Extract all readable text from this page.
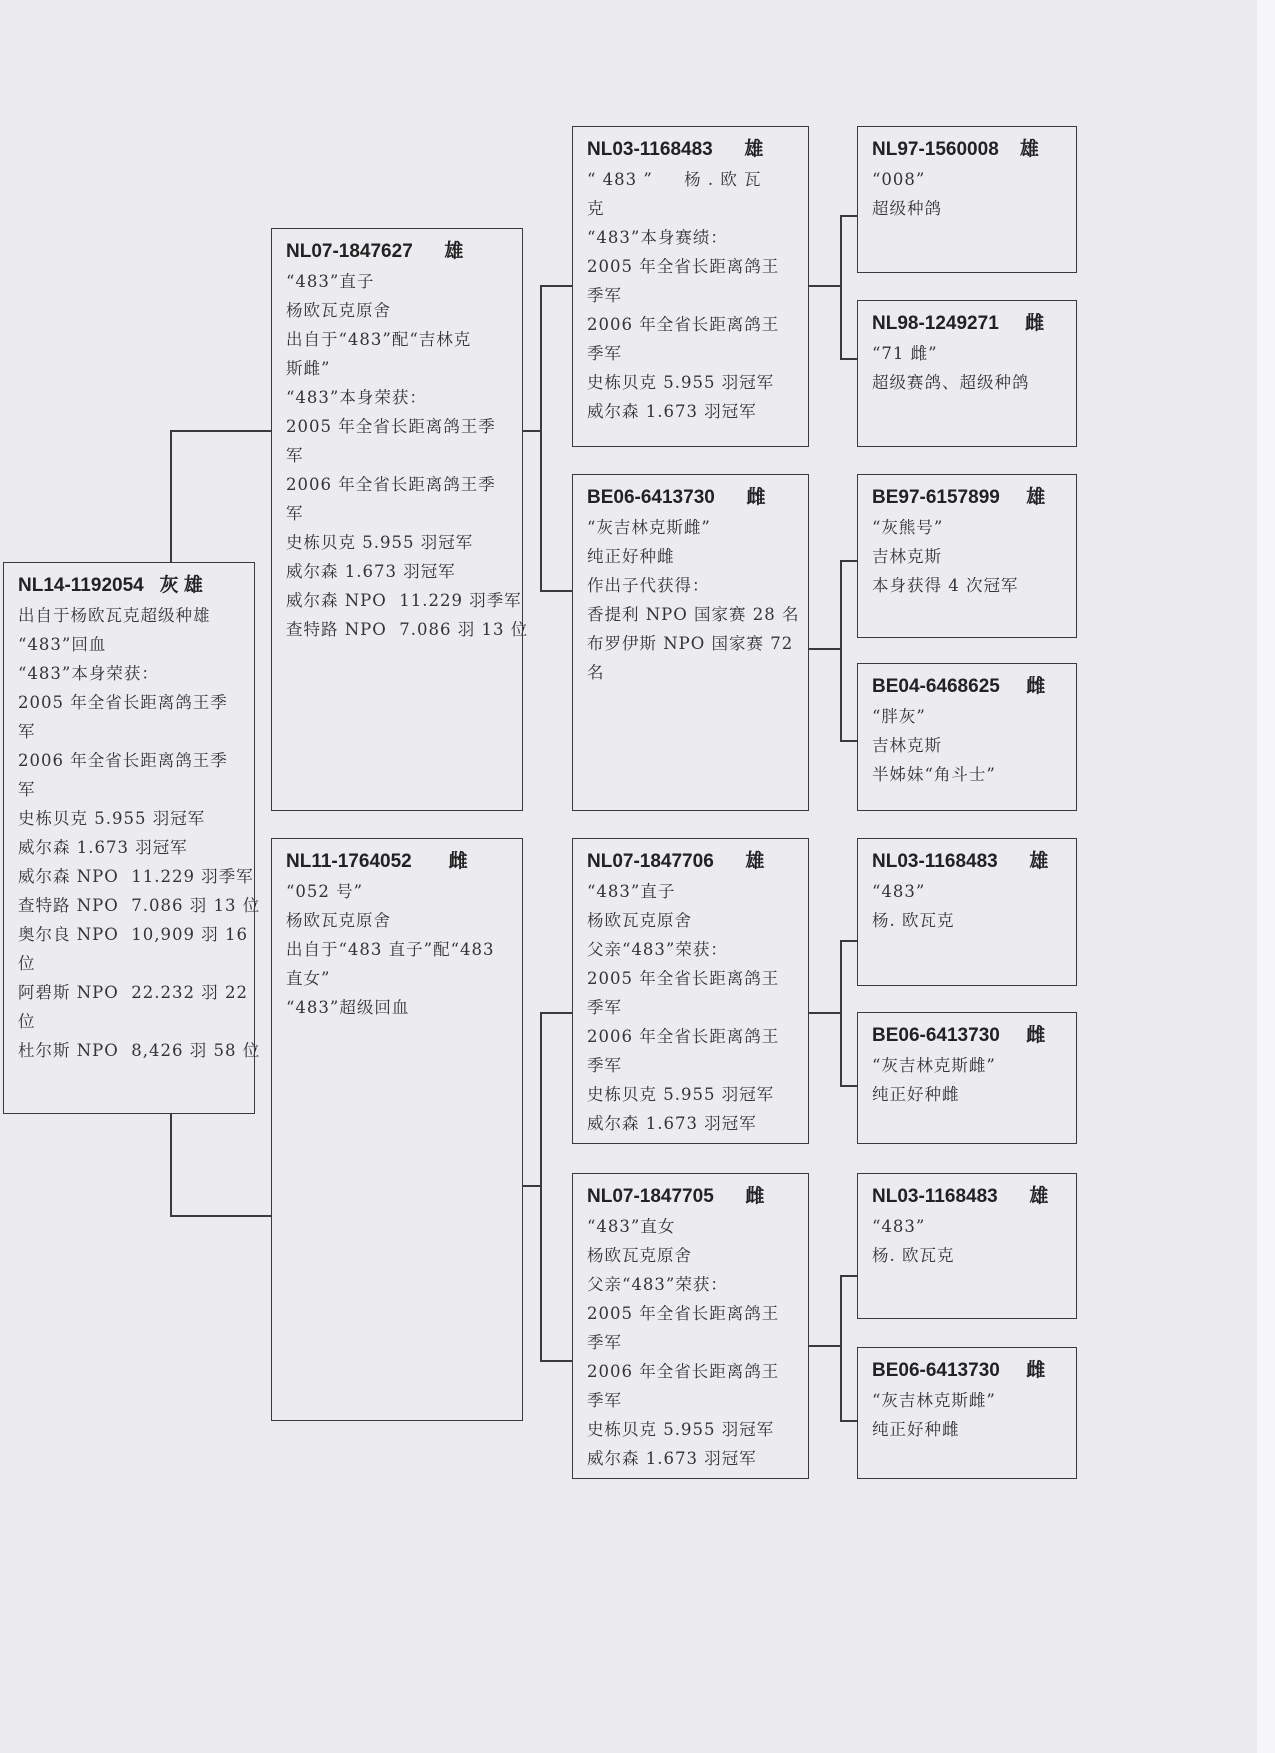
NL14-1192054   灰 雄
出自于杨欧瓦克超级种雄
“483”回血
“483”本身荣获：
2005 年全省长距离鸽王季
军
2006 年全省长距离鸽王季
军
史栋贝克 5.955 羽冠军
威尔森 1.673 羽冠军
威尔森 NPO  11.229 羽季军
查特路 NPO  7.086 羽 13 位
奥尔良 NPO  10,909 羽 16
位
阿碧斯 NPO  22.232 羽 22
位
杜尔斯 NPO  8,426 羽 58 位
NL07-1847627      雄
“483”直子
杨欧瓦克原舍
出自于“483”配“吉林克
斯雌”
“483”本身荣获：
2005 年全省长距离鸽王季
军
2006 年全省长距离鸽王季
军
史栋贝克 5.955 羽冠军
威尔森 1.673 羽冠军
威尔森 NPO  11.229 羽季军
查特路 NPO  7.086 羽 13 位
NL11-1764052       雌
“052 号”
杨欧瓦克原舍
出自于“483 直子”配“483
直女”
“483”超级回血
NL03-1168483      雄
“ 483 ”     杨 . 欧 瓦
克
“483”本身赛绩：
2005 年全省长距离鸽王
季军
2006 年全省长距离鸽王
季军
史栋贝克 5.955 羽冠军
威尔森 1.673 羽冠军
BE06-6413730      雌
“灰吉林克斯雌”
纯正好种雌
作出子代获得：
香提利 NPO 国家赛 28 名
布罗伊斯 NPO 国家赛 72
名
NL07-1847706      雄
“483”直子
杨欧瓦克原舍
父亲“483”荣获：
2005 年全省长距离鸽王
季军
2006 年全省长距离鸽王
季军
史栋贝克 5.955 羽冠军
威尔森 1.673 羽冠军
NL07-1847705      雌
“483”直女
杨欧瓦克原舍
父亲“483”荣获：
2005 年全省长距离鸽王
季军
2006 年全省长距离鸽王
季军
史栋贝克 5.955 羽冠军
威尔森 1.673 羽冠军
NL97-1560008    雄
“008”
超级种鸽
NL98-1249271     雌
“71 雌”
超级赛鸽、超级种鸽
BE97-6157899     雄
“灰熊号”
吉林克斯
本身获得 4 次冠军
BE04-6468625     雌
“胖灰”
吉林克斯
半姊妹“角斗士”
NL03-1168483      雄
“483”
杨. 欧瓦克
BE06-6413730     雌
“灰吉林克斯雌”
纯正好种雌
NL03-1168483      雄
“483”
杨. 欧瓦克
BE06-6413730     雌
“灰吉林克斯雌”
纯正好种雌
